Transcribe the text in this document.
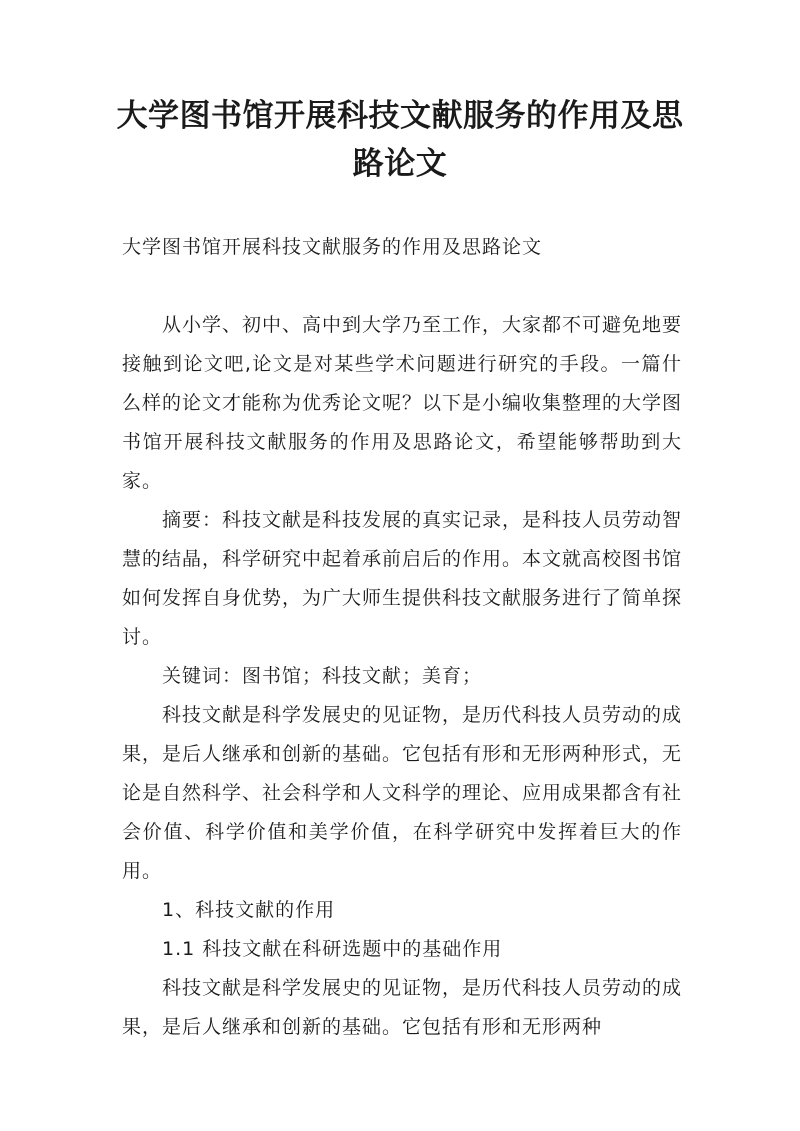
大学图书馆开展科技文献服务的作用及思路论文

大学图书馆开展科技文献服务的作用及思路论文

从小学、初中、高中到大学乃至工作，大家都不可避免地要接触到论文吧,论文是对某些学术问题进行研究的手段。一篇什么样的论文才能称为优秀论文呢？以下是小编收集整理的大学图书馆开展科技文献服务的作用及思路论文，希望能够帮助到大家。

摘要：科技文献是科技发展的真实记录，是科技人员劳动智慧的结晶，科学研究中起着承前启后的作用。本文就高校图书馆如何发挥自身优势，为广大师生提供科技文献服务进行了简单探讨。

关键词：图书馆；科技文献；美育；

科技文献是科学发展史的见证物，是历代科技人员劳动的成果，是后人继承和创新的基础。它包括有形和无形两种形式，无论是自然科学、社会科学和人文科学的理论、应用成果都含有社会价值、科学价值和美学价值，在科学研究中发挥着巨大的作用。

1、科技文献的作用

1.1 科技文献在科研选题中的基础作用

科技文献是科学发展史的见证物，是历代科技人员劳动的成果，是后人继承和创新的基础。它包括有形和无形两种
